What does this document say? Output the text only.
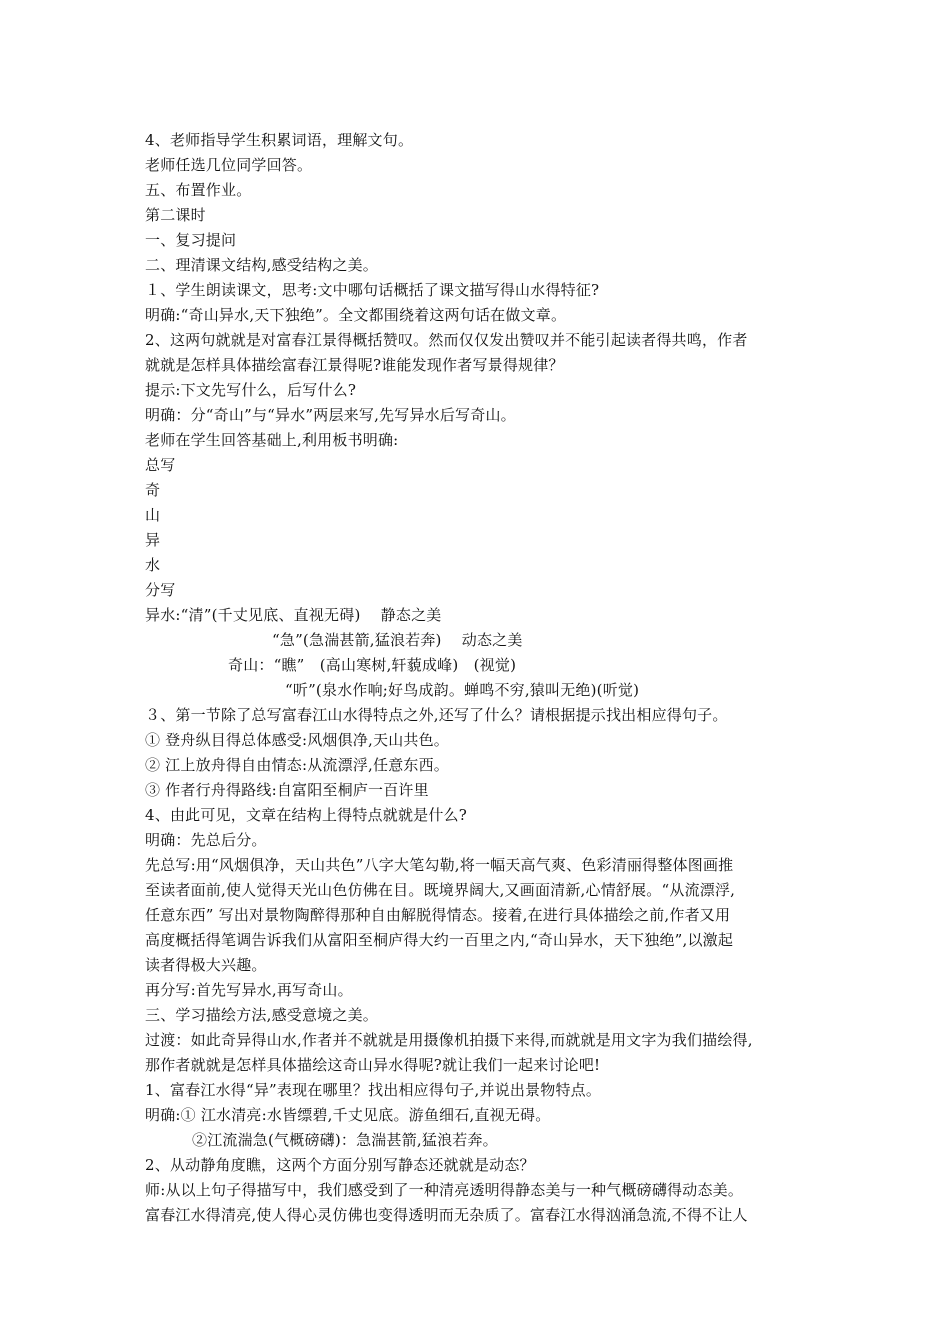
4、老师指导学生积累词语，理解文句。
老师任选几位同学回答。
五、布置作业。
第二课时
一、复习提问
二、理清课文结构,感受结构之美。
１、学生朗读课文，思考:文中哪句话概括了课文描写得山水得特征?
明确:“奇山异水,天下独绝”。全文都围绕着这两句话在做文章。
2、这两句就就是对富春江景得概括赞叹。然而仅仅发出赞叹并不能引起读者得共鸣，作者
就就是怎样具体描绘富春江景得呢?谁能发现作者写景得规律？
提示:下文先写什么，后写什么?
明确：分“奇山”与“异水”两层来写,先写异水后写奇山。
老师在学生回答基础上,利用板书明确:
总写
奇
山
异
水
分写
异水:“清”(千丈见底、直视无碍)　 静态之美
“急”(急湍甚箭,猛浪若奔)　 动态之美
奇山：“瞧”　(高山寒树,轩藐成峰)　(视觉)
“听”(泉水作响;好鸟成韵。蝉鸣不穷,猿叫无绝)(听觉)
３、第一节除了总写富春江山水得特点之外,还写了什么？请根据提示找出相应得句子。
① 登舟纵目得总体感受:风烟俱净,天山共色。
② 江上放舟得自由情态:从流漂浮,任意东西。
③ 作者行舟得路线:自富阳至桐庐一百许里
4、由此可见，文章在结构上得特点就就是什么?
明确：先总后分。
先总写:用“风烟俱净，天山共色”八字大笔勾勒,将一幅天高气爽、色彩清丽得整体图画推
至读者面前,使人觉得天光山色仿佛在目。既境界阔大,又画面清新,心情舒展。“从流漂浮,
任意东西” 写出对景物陶醉得那种自由解脱得情态。接着,在进行具体描绘之前,作者又用
高度概括得笔调告诉我们从富阳至桐庐得大约一百里之内,“奇山异水，天下独绝”,以激起
读者得极大兴趣。
再分写:首先写异水,再写奇山。
三、学习描绘方法,感受意境之美。
过渡：如此奇异得山水,作者并不就就是用摄像机拍摄下来得,而就就是用文字为我们描绘得,
那作者就就是怎样具体描绘这奇山异水得呢?就让我们一起来讨论吧!
1、富春江水得“异”表现在哪里？找出相应得句子,并说出景物特点。
明确:① 江水清亮:水皆缥碧,千丈见底。游鱼细石,直视无碍。
②江流湍急(气概磅礴)：急湍甚箭,猛浪若奔。
2、从动静角度瞧，这两个方面分别写静态还就就是动态？
师:从以上句子得描写中，我们感受到了一种清亮透明得静态美与一种气概磅礴得动态美。
富春江水得清亮,使人得心灵仿佛也变得透明而无杂质了。富春江水得汹涌急流,不得不让人
